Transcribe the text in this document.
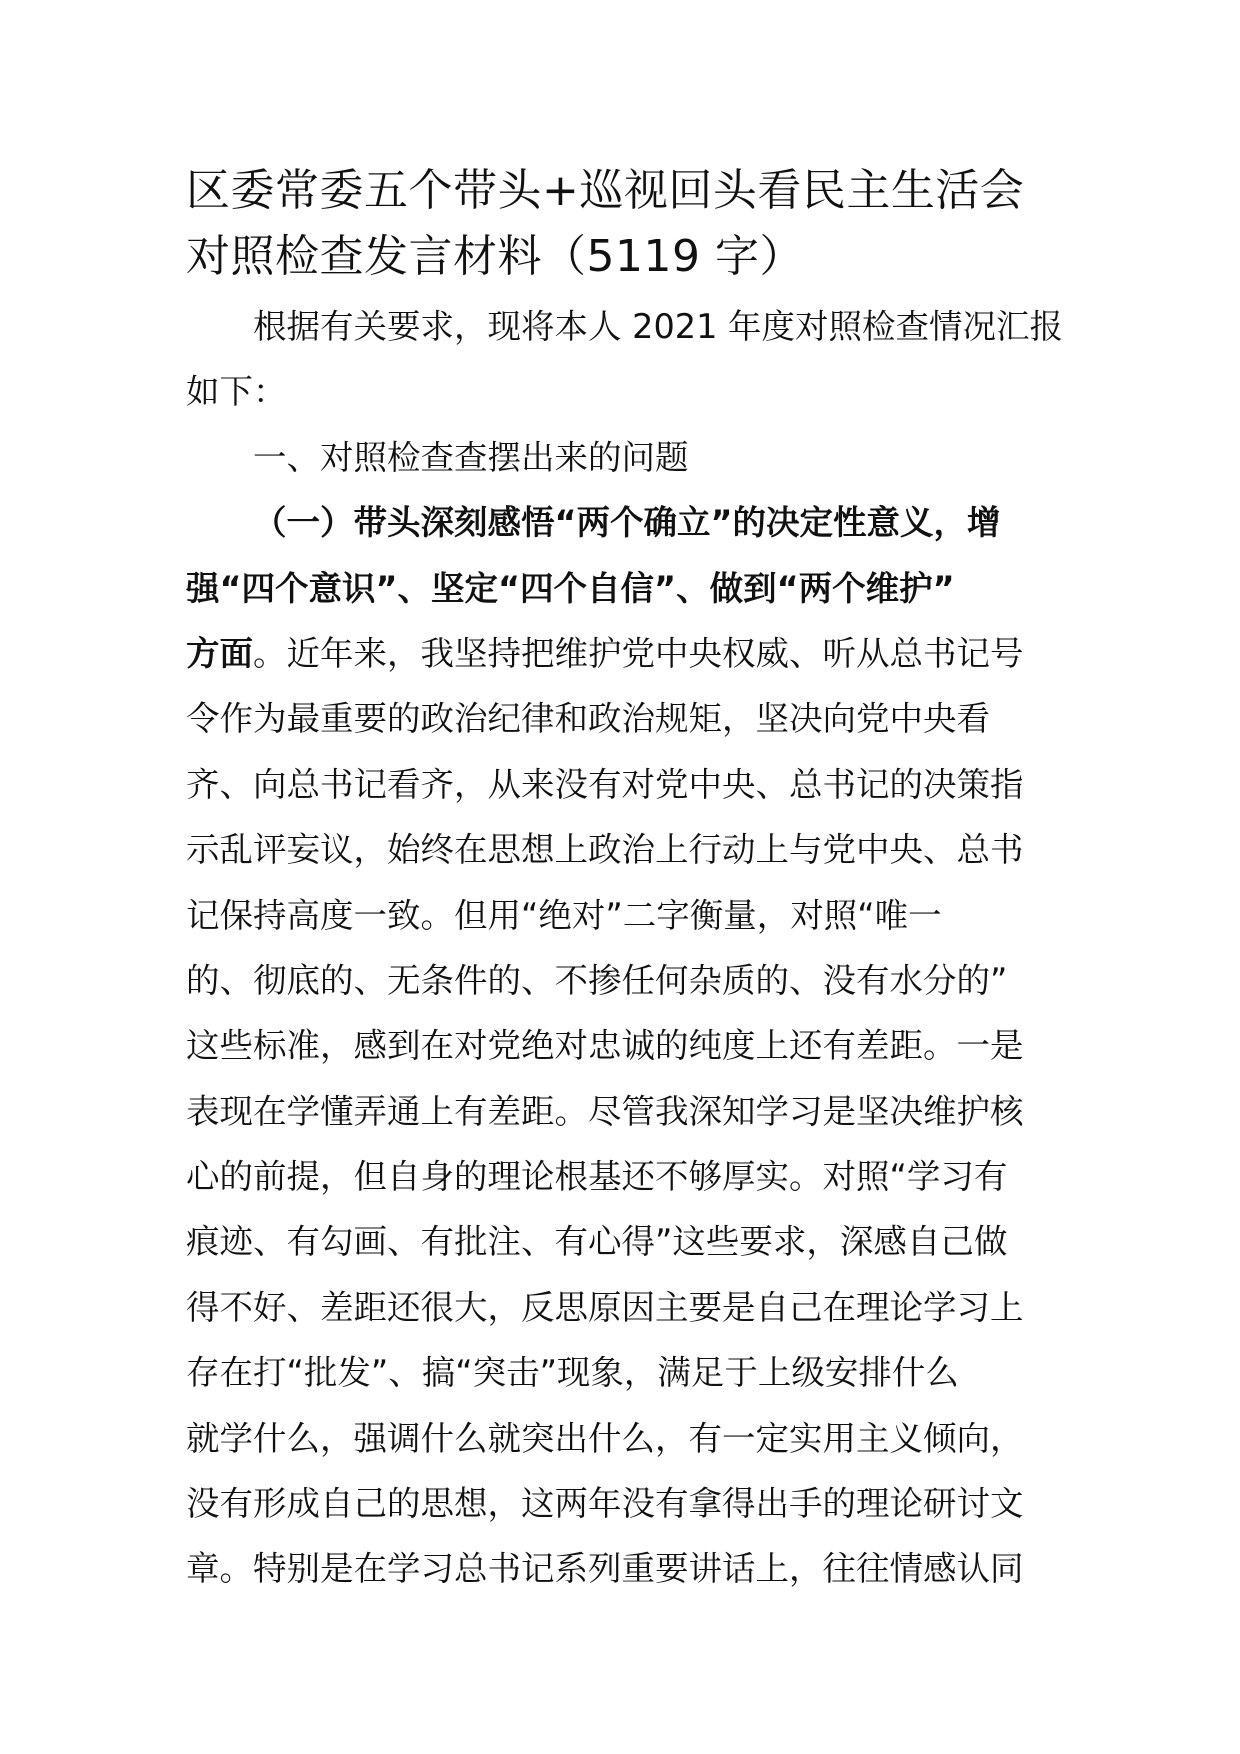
区委常委五个带头+巡视回头看民主生活会
对照检查发言材料（5119 字）
根据有关要求，现将本人 2021 年度对照检查情况汇报
如下：
一、对照检查查摆出来的问题
（一）带头深刻感悟“两个确立”的决定性意义，增
强“四个意识”、坚定“四个自信”、做到“两个维护”
方面。近年来，我坚持把维护党中央权威、听从总书记号
令作为最重要的政治纪律和政治规矩，坚决向党中央看
齐、向总书记看齐，从来没有对党中央、总书记的决策指
示乱评妄议，始终在思想上政治上行动上与党中央、总书
记保持高度一致。但用“绝对”二字衡量，对照“唯一
的、彻底的、无条件的、不掺任何杂质的、没有水分的”
这些标准，感到在对党绝对忠诚的纯度上还有差距。一是
表现在学懂弄通上有差距。尽管我深知学习是坚决维护核
心的前提，但自身的理论根基还不够厚实。对照“学习有
痕迹、有勾画、有批注、有心得”这些要求，深感自己做
得不好、差距还很大，反思原因主要是自己在理论学习上
存在打“批发”、搞“突击”现象，满足于上级安排什么
就学什么，强调什么就突出什么，有一定实用主义倾向，
没有形成自己的思想，这两年没有拿得出手的理论研讨文
章。特别是在学习总书记系列重要讲话上，往往情感认同
